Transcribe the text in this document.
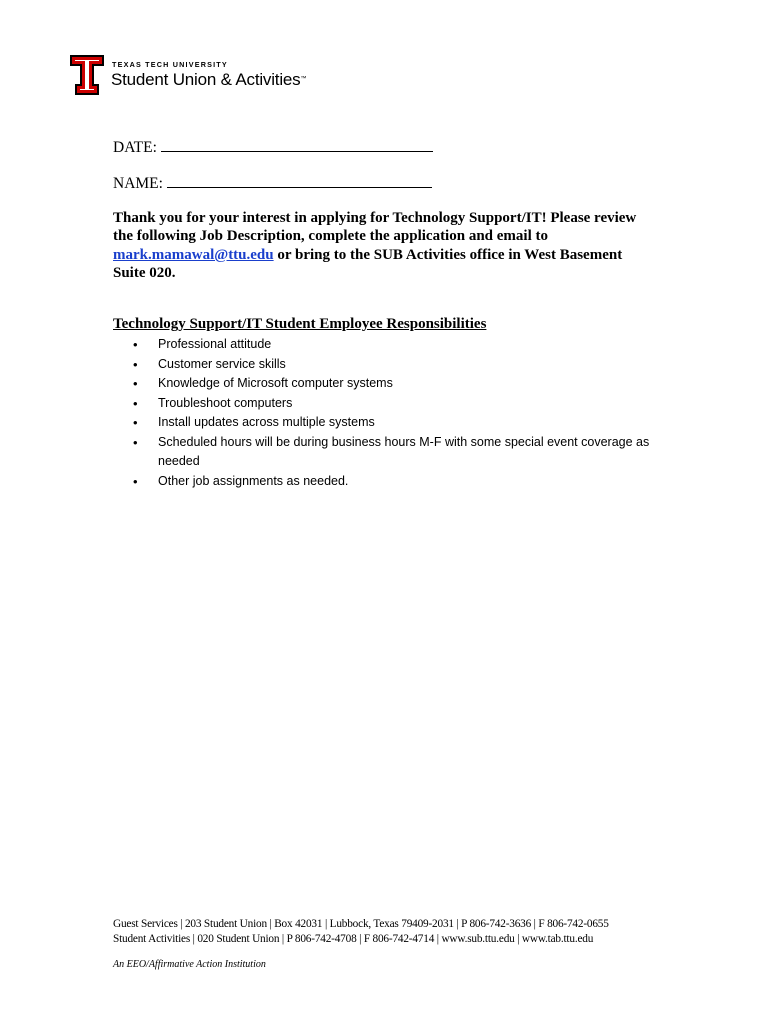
TEXAS TECH UNIVERSITY
Student Union & Activities™
DATE:
NAME:
Thank you for your interest in applying for Technology Support/IT! Please review the following Job Description, complete the application and email to mark.mamawal@ttu.edu or bring to the SUB Activities office in West Basement Suite 020.
Technology Support/IT Student Employee Responsibilities
• Professional attitude
• Customer service skills
• Knowledge of Microsoft computer systems
• Troubleshoot computers
• Install updates across multiple systems
• Scheduled hours will be during business hours M-F with some special event coverage as needed
• Other job assignments as needed.
Guest Services | 203 Student Union | Box 42031 | Lubbock, Texas 79409-2031 | P 806-742-3636 | F 806-742-0655
Student Activities | 020 Student Union | P 806-742-4708 | F 806-742-4714 | www.sub.ttu.edu | www.tab.ttu.edu
An EEO/Affirmative Action Institution
